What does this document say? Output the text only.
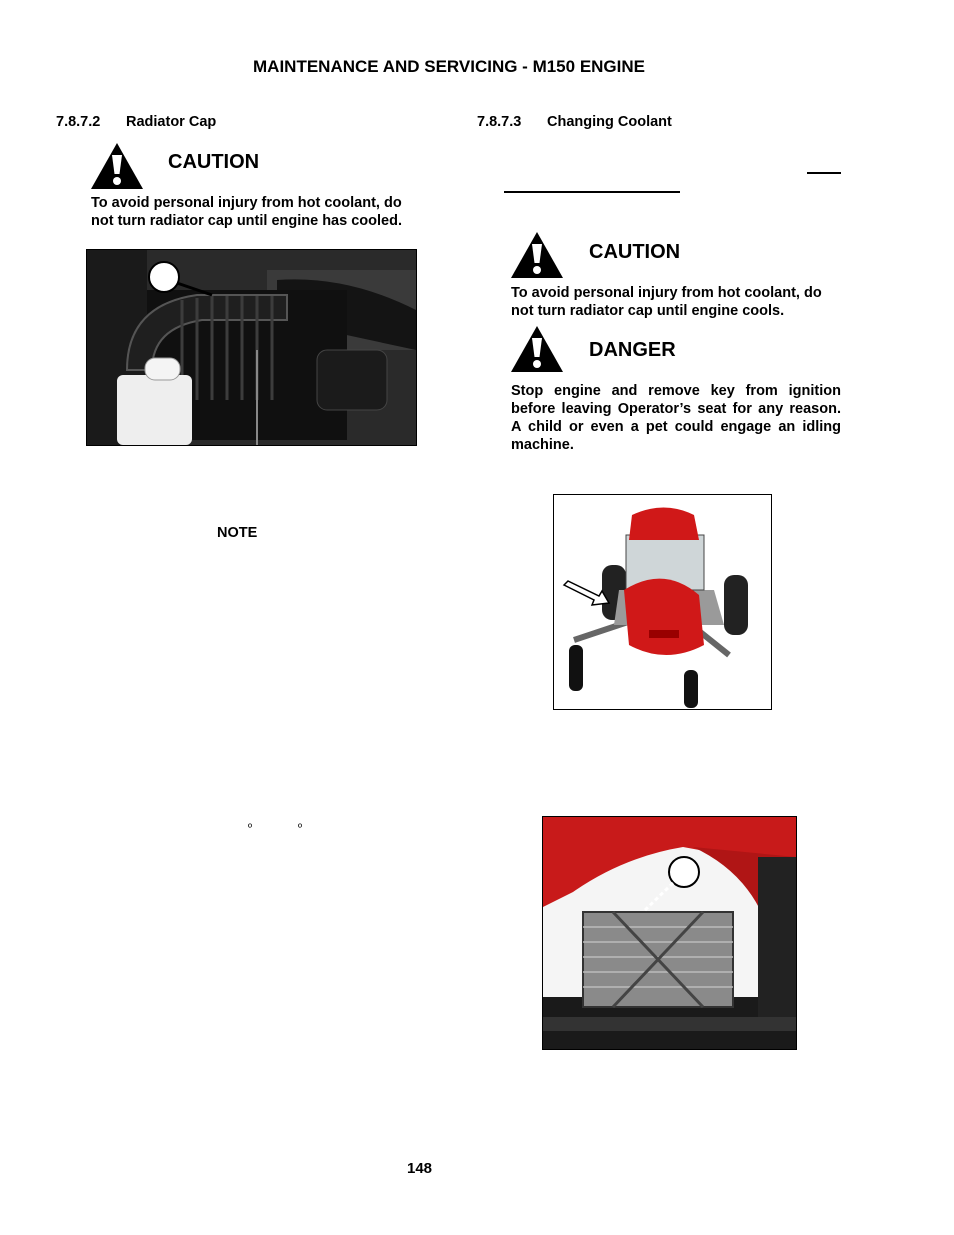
MAINTENANCE AND SERVICING - M150 ENGINE
7.8.7.2 Radiator Cap
CAUTION
To avoid personal injury from hot coolant, do not turn radiator cap until engine has cooled.
NOTE
º	º
7.8.7.3 Changing Coolant
CAUTION
To avoid personal injury from hot coolant, do not turn radiator cap until engine cools.
DANGER
Stop engine and remove key from ignition before leaving Operator’s seat for any reason. A child or even a pet could engage an idling machine.
148
